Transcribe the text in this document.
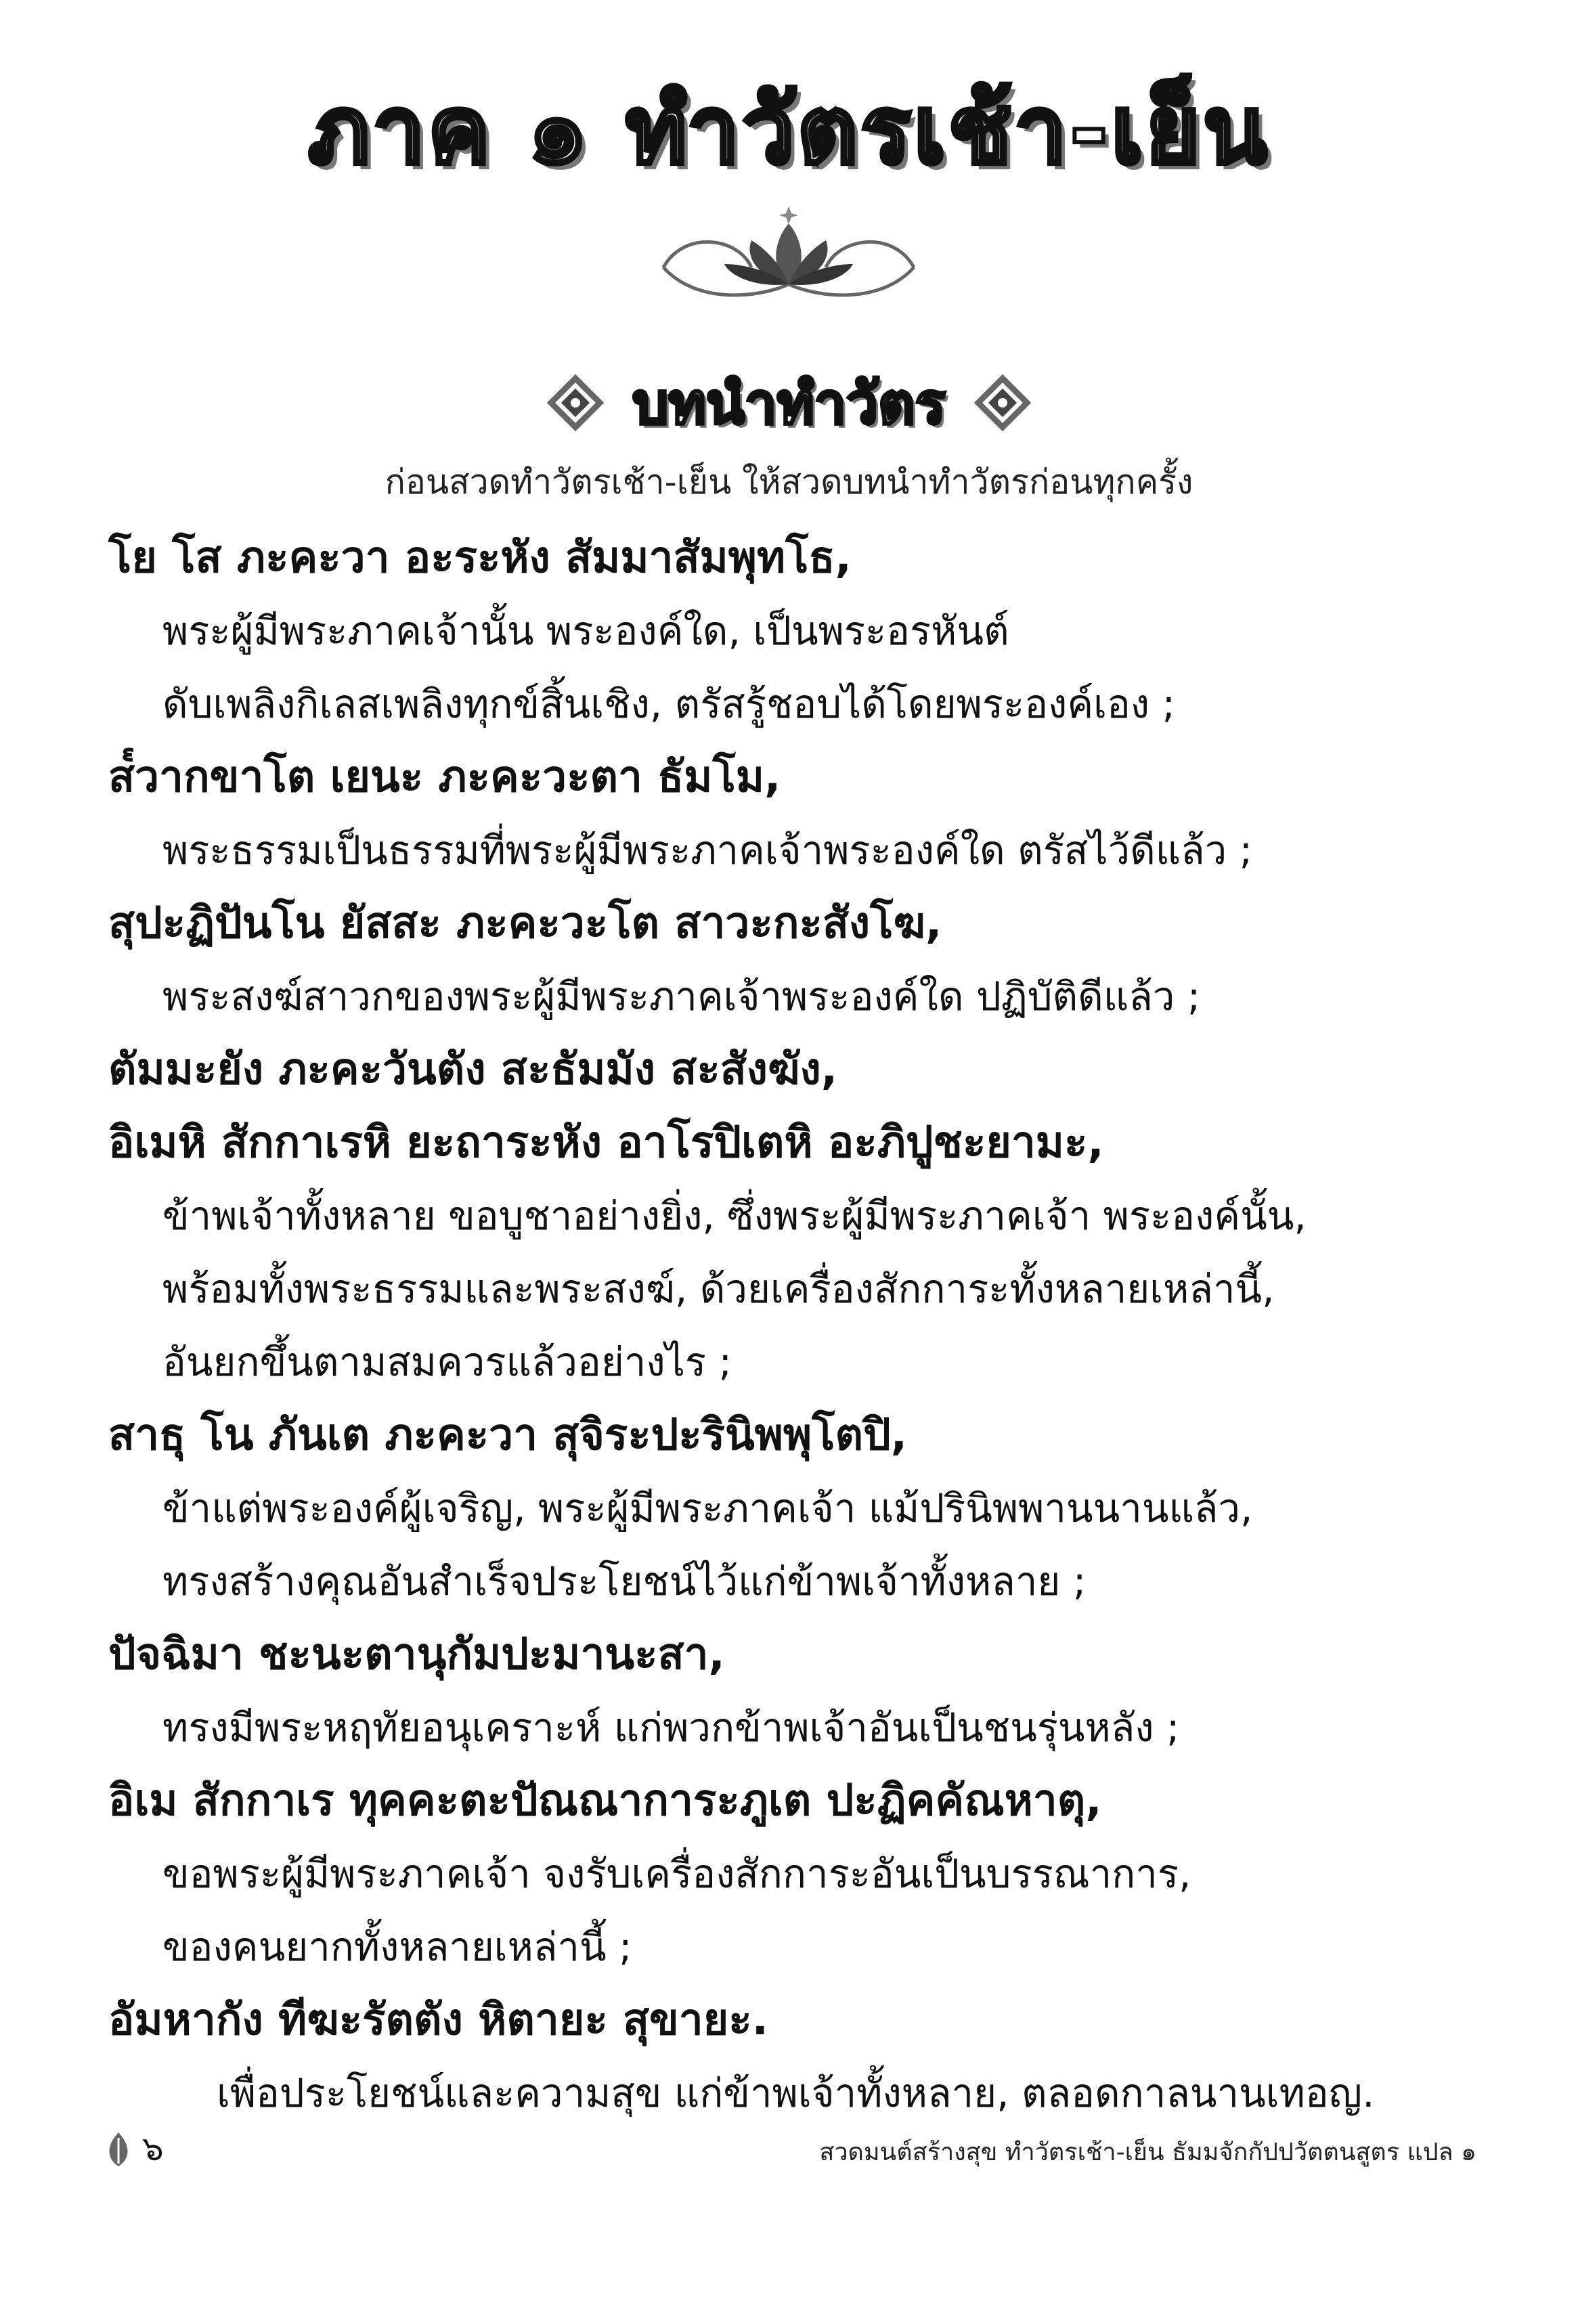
ภาค ๑ ทำวัตรเช้า-เย็น
บทนำทำวัตร
ก่อนสวดทำวัตรเช้า-เย็น ให้สวดบทนำทำวัตรก่อนทุกครั้ง
โย โส ภะคะวา อะระหัง สัมมาสัมพุทโธ,
พระผู้มีพระภาคเจ้านั้น พระองค์ใด, เป็นพระอรหันต์
ดับเพลิงกิเลสเพลิงทุกข์สิ้นเชิง, ตรัสรู้ชอบได้โดยพระองค์เอง ;
ส๎วากขาโต เยนะ ภะคะวะตา ธัมโม,
พระธรรมเป็นธรรมที่พระผู้มีพระภาคเจ้าพระองค์ใด ตรัสไว้ดีแล้ว ;
สุปะฏิปันโน ยัสสะ ภะคะวะโต สาวะกะสังโฆ,
พระสงฆ์สาวกของพระผู้มีพระภาคเจ้าพระองค์ใด ปฏิบัติดีแล้ว ;
ตัมมะยัง ภะคะวันตัง สะธัมมัง สะสังฆัง,
อิเมหิ สักกาเรหิ ยะถาระหัง อาโรปิเตหิ อะภิปูชะยามะ,
ข้าพเจ้าทั้งหลาย ขอบูชาอย่างยิ่ง, ซึ่งพระผู้มีพระภาคเจ้า พระองค์นั้น,
พร้อมทั้งพระธรรมและพระสงฆ์, ด้วยเครื่องสักการะทั้งหลายเหล่านี้,
อันยกขึ้นตามสมควรแล้วอย่างไร ;
สาธุ โน ภันเต ภะคะวา สุจิระปะรินิพพุโตปิ,
ข้าแต่พระองค์ผู้เจริญ, พระผู้มีพระภาคเจ้า แม้ปรินิพพานนานแล้ว,
ทรงสร้างคุณอันสำเร็จประโยชน์ไว้แก่ข้าพเจ้าทั้งหลาย ;
ปัจฉิมา ชะนะตานุกัมปะมานะสา,
ทรงมีพระหฤทัยอนุเคราะห์ แก่พวกข้าพเจ้าอันเป็นชนรุ่นหลัง ;
อิเม สักกาเร ทุคคะตะปัณณาการะภูเต ปะฏิคคัณหาตุ,
ขอพระผู้มีพระภาคเจ้า จงรับเครื่องสักการะอันเป็นบรรณาการ,
ของคนยากทั้งหลายเหล่านี้ ;
อัมหากัง ทีฆะรัตตัง หิตายะ สุขายะ.
เพื่อประโยชน์และความสุข แก่ข้าพเจ้าทั้งหลาย, ตลอดกาลนานเทอญ.
๖	สวดมนต์สร้างสุข ทำวัตรเช้า-เย็น ธัมมจักกัปปวัตตนสูตร แปล ๑
